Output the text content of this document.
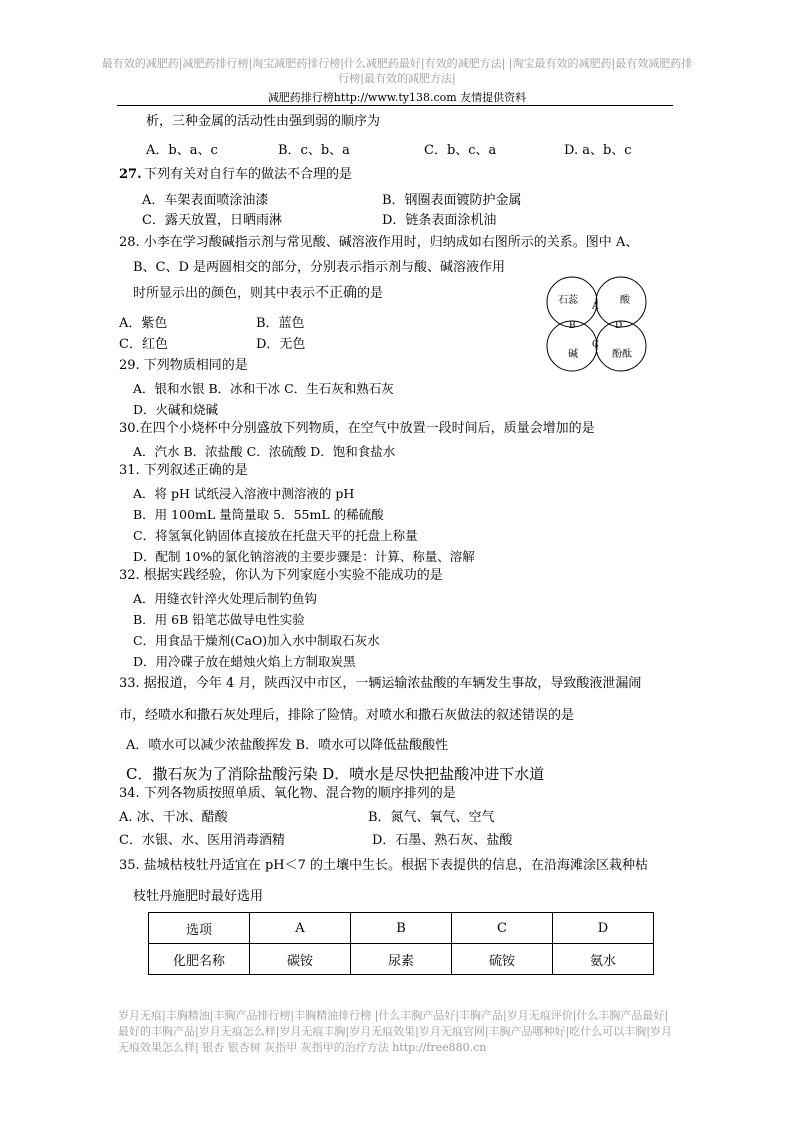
最有效的减肥药|减肥药排行榜|淘宝减肥药排行榜|什么减肥药最好|有效的减肥方法| |淘宝最有效的减肥药|最有效减肥药排行榜|最有效的减肥方法|
减肥药排行榜http://www.ty138.com 友情提供资料
析，三种金属的活动性由强到弱的顺序为
A．b、a、c	B．c、b、a	C．b、c、a	D. a、b、c
27. 下列有关对自行车的做法不合理的是
A．车架表面喷涂油漆	B．钢圈表面镀防护金属
C．露天放置，日晒雨淋	D．链条表面涂机油
28. 小李在学习酸碱指示剂与常见酸、碱溶液作用时，归纳成如右图所示的关系。图中 A、
B、C、D 是两圆相交的部分，分别表示指示剂与酸、碱溶液作用
时所显示出的颜色，则其中表示不正确的是
A．紫色	B．蓝色
C．红色	D．无色
石蕊	酸
碱	酚酞
A
B
C
D
29. 下列物质相同的是
A．银和水银 B．冰和干冰 C．生石灰和熟石灰
D．火碱和烧碱
30.在四个小烧杯中分别盛放下列物质，在空气中放置一段时间后，质量会增加的是
A．汽水 B．浓盐酸 C．浓硫酸 D．饱和食盐水
31. 下列叙述正确的是
A．将 pH 试纸浸入溶液中测溶液的 pH
B．用 100mL 量筒量取 5．55mL 的稀硫酸
C．将氢氧化钠固体直接放在托盘天平的托盘上称量
D．配制 10%的氯化钠溶液的主要步骤是：计算、称量、溶解
32. 根据实践经验，你认为下列家庭小实验不能成功的是
A．用缝衣针淬火处理后制钓鱼钩
B．用 6B 铅笔芯做导电性实验
C．用食品干燥剂(CaO)加入水中制取石灰水
D．用冷碟子放在蜡烛火焰上方制取炭黑
33. 据报道，今年 4 月，陕西汉中市区，一辆运输浓盐酸的车辆发生事故，导致酸液泄漏闹
市，经喷水和撒石灰处理后，排除了险情。对喷水和撒石灰做法的叙述错误的是
A．喷水可以减少浓盐酸挥发 B．喷水可以降低盐酸酸性
C．撒石灰为了消除盐酸污染 D．喷水是尽快把盐酸冲进下水道
34. 下列各物质按照单质、氧化物、混合物的顺序排列的是
A. 冰、干冰、醋酸	B．氮气、氧气、空气
C．水银、水、医用消毒酒精	D．石墨、熟石灰、盐酸
35. 盐城枯枝牡丹适宜在 pH＜7 的土壤中生长。根据下表提供的信息，在沿海滩涂区栽种枯
枝牡丹施肥时最好选用
选项	A	B	C	D
化肥名称	碳铵	尿素	硫铵	氨水
岁月无痕|丰胸精油|丰胸产品排行榜|丰胸精油排行榜 |什么丰胸产品好|丰胸产品|岁月无痕评价|什么丰胸产品最好|最好的丰胸产品|岁月无痕怎么样|岁月无痕丰胸|岁月无痕效果|岁月无痕官网|丰胸产品哪种好|吃什么可以丰胸|岁月无痕效果怎么样| 银杏 银杏树 灰指甲 灰指甲的治疗方法 http://free880.cn
